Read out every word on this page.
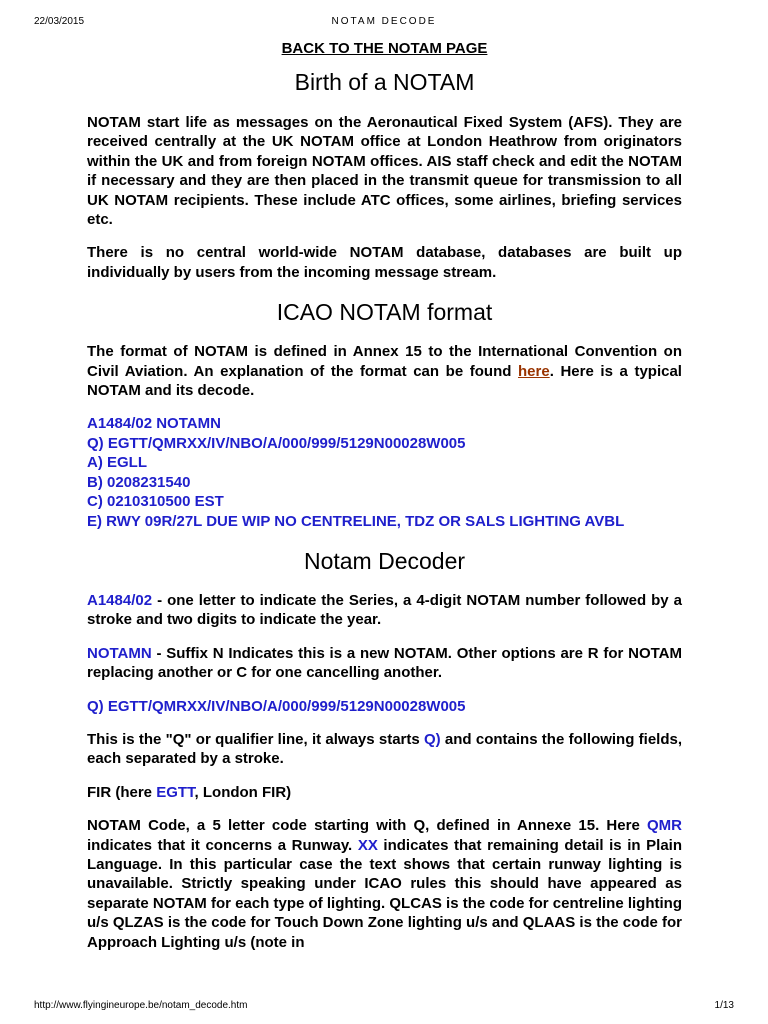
22/03/2015	NOTAM DECODE
BACK TO THE NOTAM PAGE
Birth of a NOTAM

NOTAM start life as messages on the Aeronautical Fixed System (AFS). They are received centrally at the UK NOTAM office at London Heathrow from originators within the UK and from foreign NOTAM offices. AIS staff check and edit the NOTAM if necessary and they are then placed in the transmit queue for transmission to all UK NOTAM recipients. These include ATC offices, some airlines, briefing services etc.

There is no central world-wide NOTAM database, databases are built up individually by users from the incoming message stream.

ICAO NOTAM format

The format of NOTAM is defined in Annex 15 to the International Convention on Civil Aviation. An explanation of the format can be found here. Here is a typical NOTAM and its decode.

A1484/02 NOTAMN
Q) EGTT/QMRXX/IV/NBO/A/000/999/5129N00028W005
A) EGLL
B) 0208231540
C) 0210310500 EST
E) RWY 09R/27L DUE WIP NO CENTRELINE, TDZ OR SALS LIGHTING AVBL
Notam Decoder

A1484/02 - one letter to indicate the Series, a 4-digit NOTAM number followed by a stroke and two digits to indicate the year.

NOTAMN - Suffix N Indicates this is a new NOTAM. Other options are R for NOTAM replacing another or C for one cancelling another.

Q) EGTT/QMRXX/IV/NBO/A/000/999/5129N00028W005

This is the "Q" or qualifier line, it always starts Q) and contains the following fields, each separated by a stroke.

FIR (here EGTT, London FIR)

NOTAM Code, a 5 letter code starting with Q, defined in Annexe 15. Here QMR indicates that it concerns a Runway. XX indicates that remaining detail is in Plain Language. In this particular case the text shows that certain runway lighting is unavailable. Strictly speaking under ICAO rules this should have appeared as separate NOTAM for each type of lighting. QLCAS is the code for centreline lighting u/s QLZAS is the code for Touch Down Zone lighting u/s and QLAAS is the code for Approach Lighting u/s (note in

http://www.flyingineurope.be/notam_decode.htm	1/13
